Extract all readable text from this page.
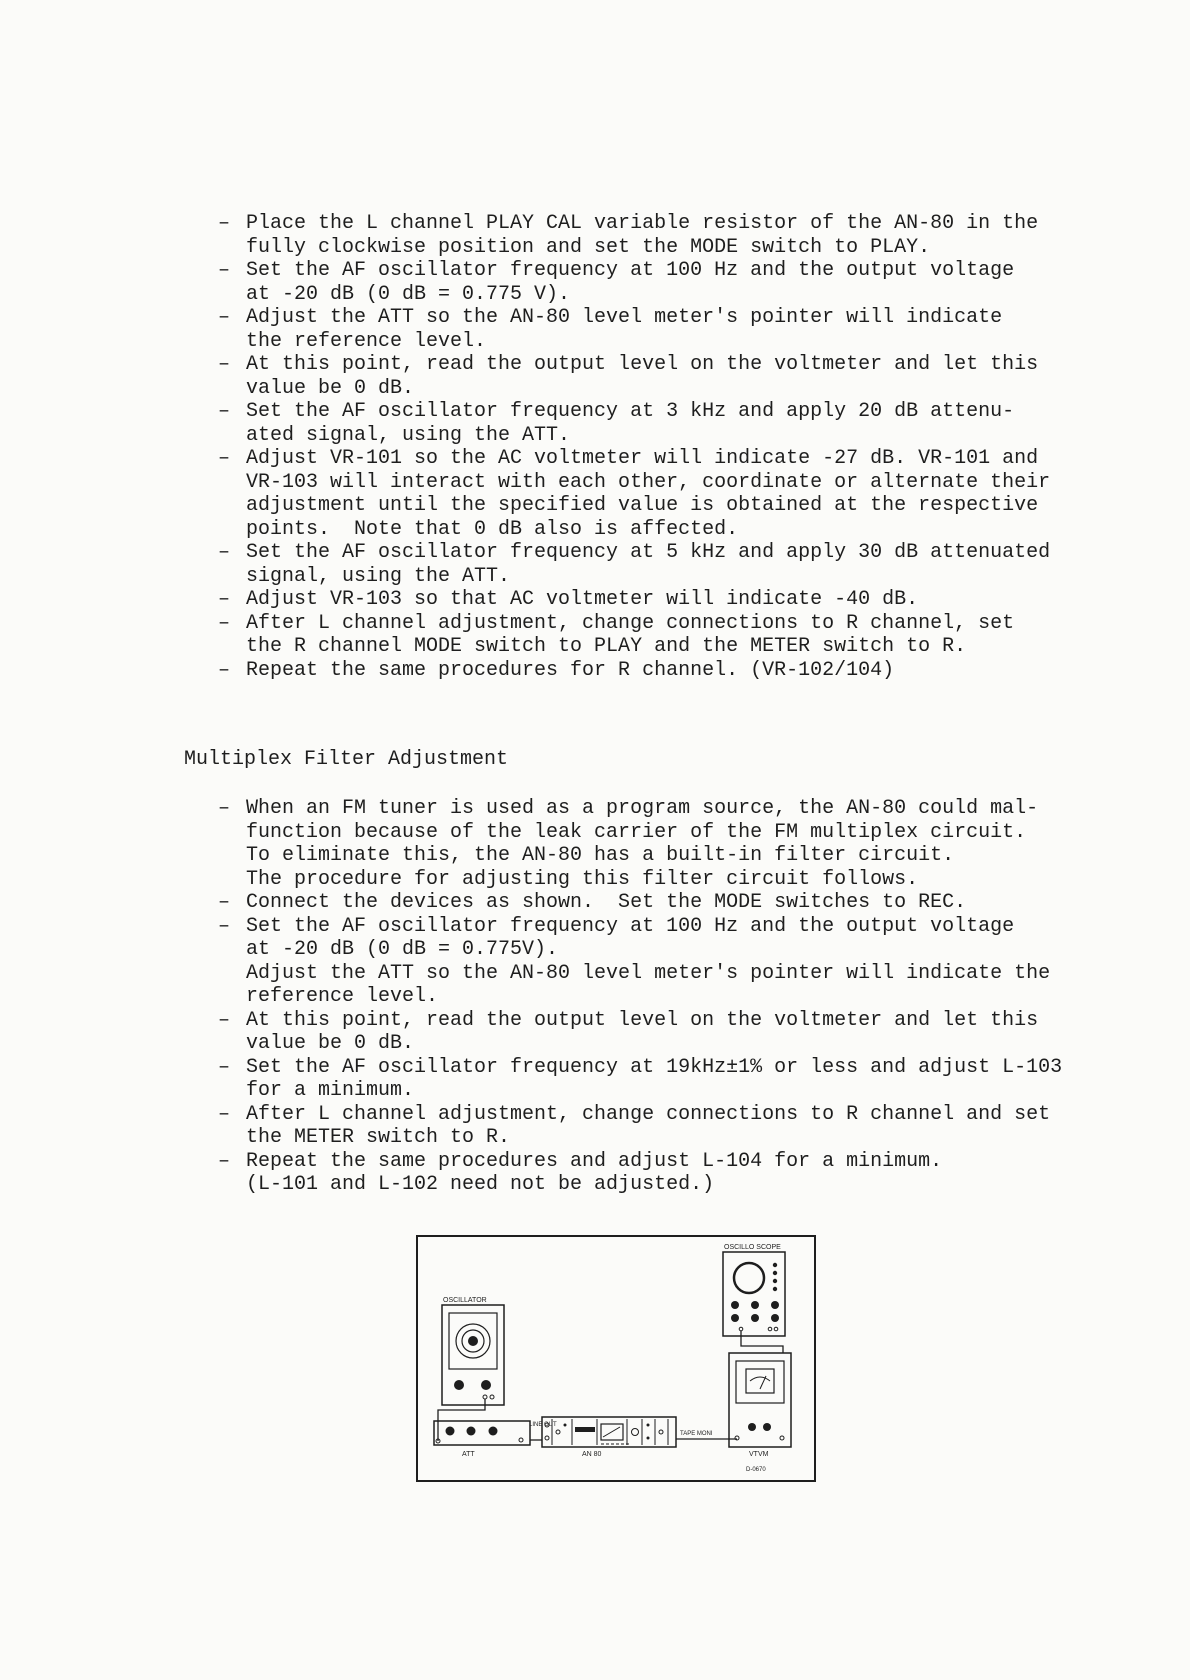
– Place the L channel PLAY CAL variable resistor of the AN-80 in the
fully clockwise position and set the MODE switch to PLAY.
– Set the AF oscillator frequency at 100 Hz and the output voltage
at -20 dB (0 dB = 0.775 V).
– Adjust the ATT so the AN-80 level meter's pointer will indicate
the reference level.
– At this point, read the output level on the voltmeter and let this
value be 0 dB.
– Set the AF oscillator frequency at 3 kHz and apply 20 dB attenu-
ated signal, using the ATT.
– Adjust VR-101 so the AC voltmeter will indicate -27 dB. VR-101 and
VR-103 will interact with each other, coordinate or alternate their
adjustment until the specified value is obtained at the respective
points.  Note that 0 dB also is affected.
– Set the AF oscillator frequency at 5 kHz and apply 30 dB attenuated
signal, using the ATT.
– Adjust VR-103 so that AC voltmeter will indicate -40 dB.
– After L channel adjustment, change connections to R channel, set
the R channel MODE switch to PLAY and the METER switch to R.
– Repeat the same procedures for R channel. (VR-102/104)
Multiplex Filter Adjustment
– When an FM tuner is used as a program source, the AN-80 could mal-
function because of the leak carrier of the FM multiplex circuit.
To eliminate this, the AN-80 has a built-in filter circuit.
The procedure for adjusting this filter circuit follows.
– Connect the devices as shown.  Set the MODE switches to REC.
– Set the AF oscillator frequency at 100 Hz and the output voltage
at -20 dB (0 dB = 0.775V).
Adjust the ATT so the AN-80 level meter's pointer will indicate the
reference level.
– At this point, read the output level on the voltmeter and let this
value be 0 dB.
– Set the AF oscillator frequency at 19kHz±1% or less and adjust L-103
for a minimum.
– After L channel adjustment, change connections to R channel and set
the METER switch to R.
– Repeat the same procedures and adjust L-104 for a minimum.
(L-101 and L-102 need not be adjusted.)
OSCILLATOR
ATT
LINE OUT
AN 80
TAPE MONI
OSCILLO SCOPE
VTVM
D-0670
